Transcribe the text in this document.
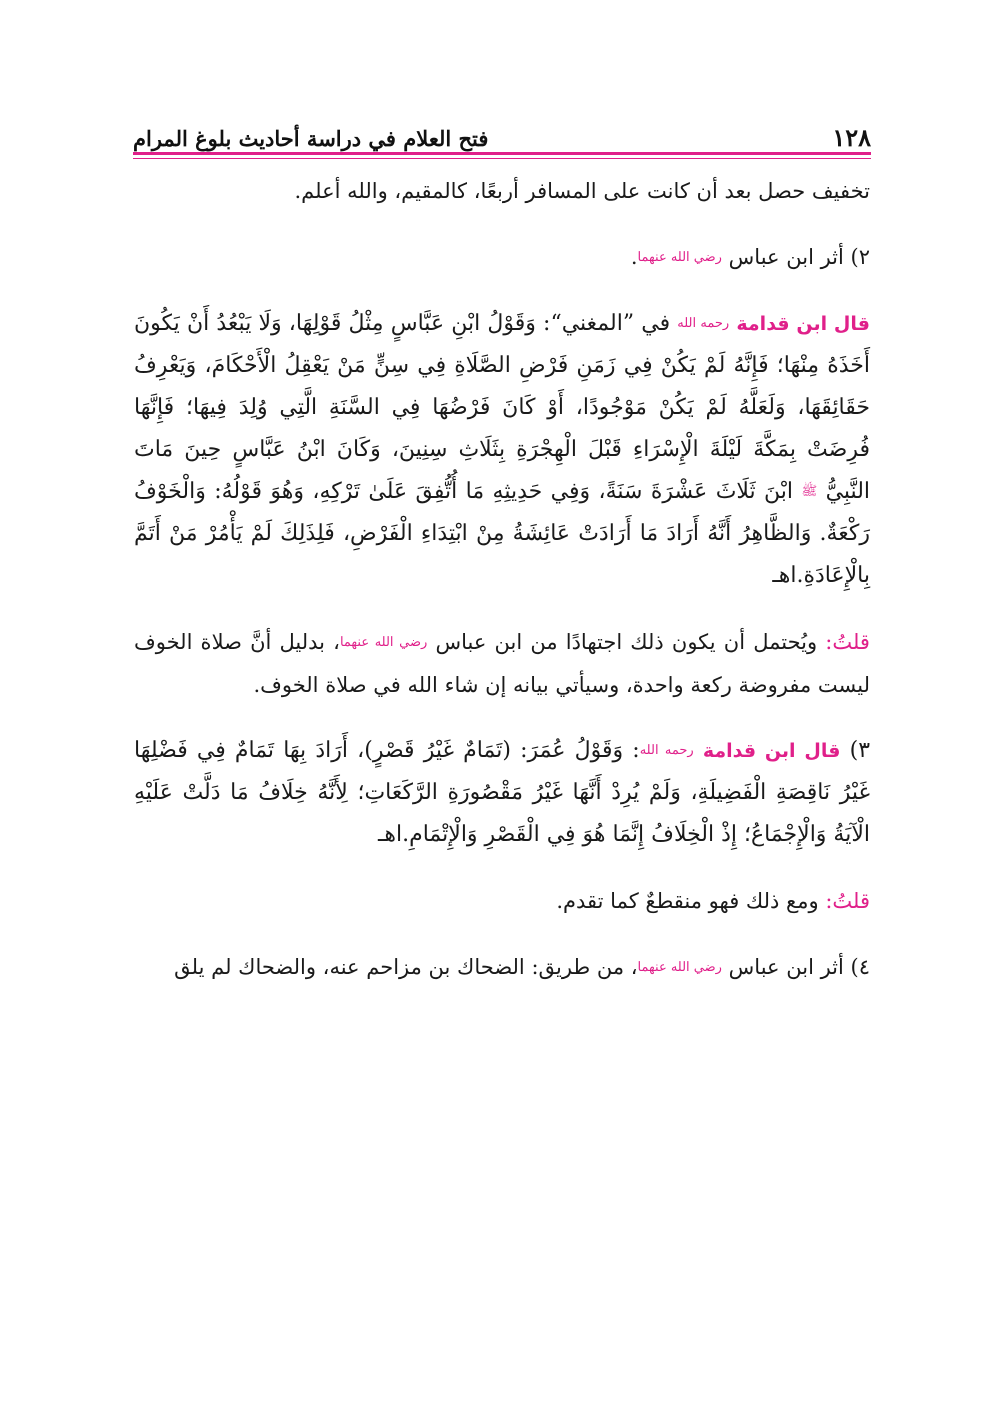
١٢٨
فتح العلام في دراسة أحاديث بلوغ المرام

تخفيف حصل بعد أن كانت على المسافر أربعًا، كالمقيم، والله أعلم.

٢) أثر ابن عباس رضي الله عنهما.

قال ابن قدامة رحمه الله في ”المغني“: وَقَوْلُ ابْنِ عَبَّاسٍ مِثْلُ قَوْلِهَا، وَلَا يَبْعُدُ أَنْ يَكُونَ أَخَذَهُ مِنْهَا؛ فَإِنَّهُ لَمْ يَكُنْ فِي زَمَنِ فَرْضِ الصَّلَاةِ فِي سِنٍّ مَنْ يَعْقِلُ الْأَحْكَامَ، وَيَعْرِفُ حَقَائِقَهَا، وَلَعَلَّهُ لَمْ يَكُنْ مَوْجُودًا، أَوْ كَانَ فَرْضُهَا فِي السَّنَةِ الَّتِي وُلِدَ فِيهَا؛ فَإِنَّهَا فُرِضَتْ بِمَكَّةَ لَيْلَةَ الْإِسْرَاءِ قَبْلَ الْهِجْرَةِ بِثَلَاثِ سِنِينَ، وَكَانَ ابْنُ عَبَّاسٍ حِينَ مَاتَ النَّبِيُّ ﷺ ابْنَ ثَلَاثَ عَشْرَةَ سَنَةً، وَفِي حَدِيثِهِ مَا أُتُّفِقَ عَلَىٰ تَرْكِهِ، وَهُوَ قَوْلُهُ: وَالْخَوْفُ رَكْعَةٌ. وَالظَّاهِرُ أَنَّهُ أَرَادَ مَا أَرَادَتْ عَائِشَةُ مِنْ ابْتِدَاءِ الْفَرْضِ، فَلِذَلِكَ لَمْ يَأْمُرْ مَنْ أَتَمَّ بِالْإِعَادَةِ.اهـ

قلتُ: ويُحتمل أن يكون ذلك اجتهادًا من ابن عباس رضي الله عنهما، بدليل أنَّ صلاة الخوف ليست مفروضة ركعة واحدة، وسيأتي بيانه إن شاء الله في صلاة الخوف.

٣) قال ابن قدامة رحمه الله: وَقَوْلُ عُمَرَ: (تَمَامٌ غَيْرُ قَصْرٍ)، أَرَادَ بِهَا تَمَامٌ فِي فَضْلِهَا غَيْرُ نَاقِصَةِ الْفَضِيلَةِ، وَلَمْ يُرِدْ أَنَّهَا غَيْرُ مَقْصُورَةِ الرَّكَعَاتِ؛ لِأَنَّهُ خِلَافُ مَا دَلَّتْ عَلَيْهِ الْآيَةُ وَالْإِجْمَاعُ؛ إِذْ الْخِلَافُ إِنَّمَا هُوَ فِي الْقَصْرِ وَالْإِتْمَامِ.اهـ

قلتُ: ومع ذلك فهو منقطعٌ كما تقدم.

٤) أثر ابن عباس رضي الله عنهما، من طريق: الضحاك بن مزاحم عنه، والضحاك لم يلق
